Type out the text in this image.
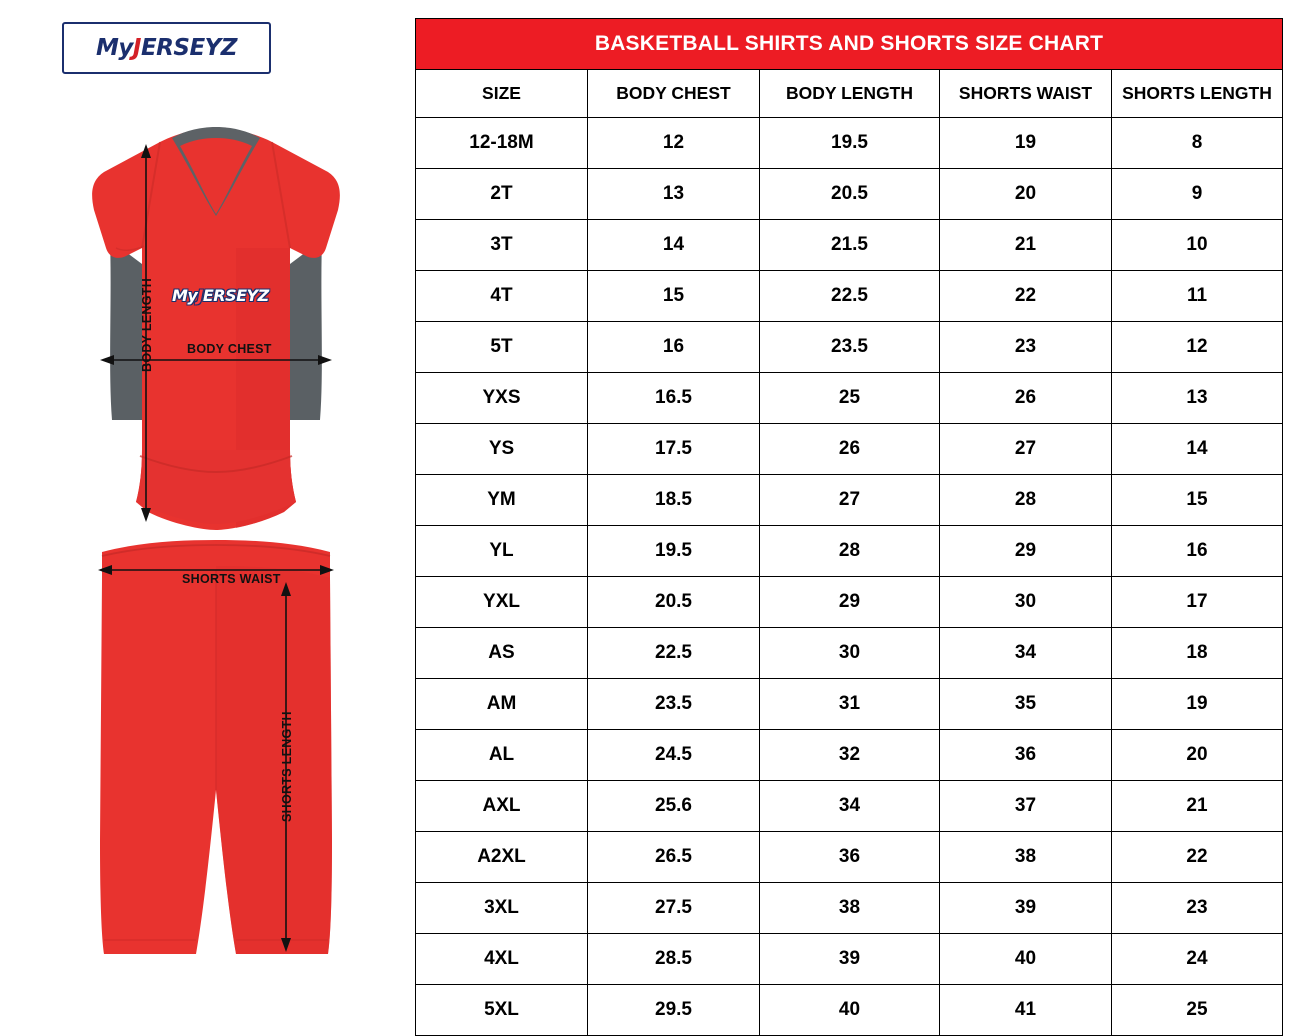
MyJERSEYZ
MyJERSEYZ
BODY LENGTH	BODY CHEST
SHORTS WAIST
SHORTS LENGTH
BASKETBALL SHIRTS AND SHORTS SIZE CHART				
SIZE	BODY CHEST	BODY LENGTH	SHORTS WAIST	SHORTS LENGTH
12-18M	12	19.5	19	8
2T	13	20.5	20	9
3T	14	21.5	21	10
4T	15	22.5	22	11
5T	16	23.5	23	12
YXS	16.5	25	26	13
YS	17.5	26	27	14
YM	18.5	27	28	15
YL	19.5	28	29	16
YXL	20.5	29	30	17
AS	22.5	30	34	18
AM	23.5	31	35	19
AL	24.5	32	36	20
AXL	25.6	34	37	21
A2XL	26.5	36	38	22
3XL	27.5	38	39	23
4XL	28.5	39	40	24
5XL	29.5	40	41	25
